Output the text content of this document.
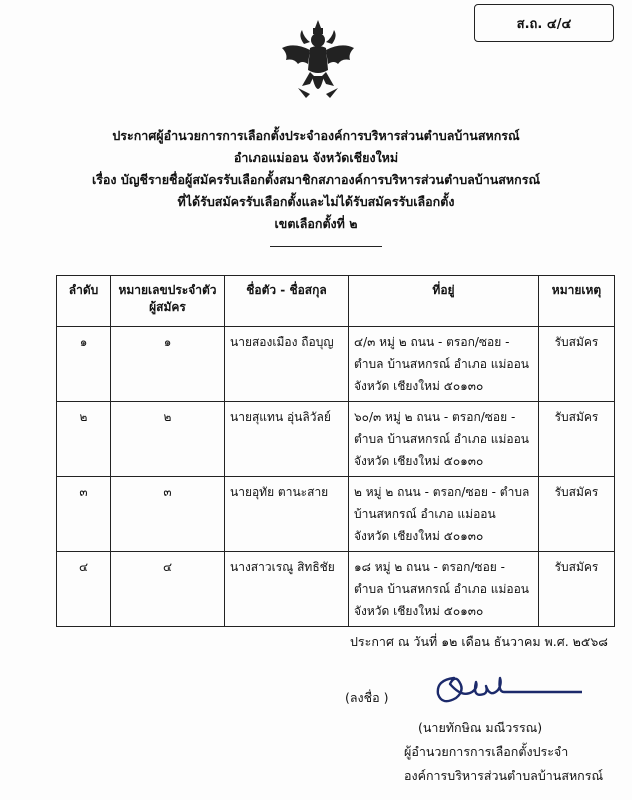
ส.ถ. ๔/๔
ประกาศผู้อำนวยการการเลือกตั้งประจำองค์การบริหารส่วนตำบลบ้านสหกรณ์
อำเภอแม่ออน จังหวัดเชียงใหม่
เรื่อง บัญชีรายชื่อผู้สมัครรับเลือกตั้งสมาชิกสภาองค์การบริหารส่วนตำบลบ้านสหกรณ์
ที่ได้รับสมัครรับเลือกตั้งและไม่ได้รับสมัครรับเลือกตั้ง
เขตเลือกตั้งที่ ๒
ลำดับ	หมายเลขประจำตัว ผู้สมัคร	ชื่อตัว - ชื่อสกุล	ที่อยู่	หมายเหตุ
๑	๑	นายสองเมือง ถือบุญ	๔/๓ หมู่ ๒ ถนน - ตรอก/ซอย - ตำบล บ้านสหกรณ์ อำเภอ แม่ออน จังหวัด เชียงใหม่ ๕๐๑๓๐	รับสมัคร
๒	๒	นายสุแทน อุ่นลิวัลย์	๖๐/๓ หมู่ ๒ ถนน - ตรอก/ซอย - ตำบล บ้านสหกรณ์ อำเภอ แม่ออน จังหวัด เชียงใหม่ ๕๐๑๓๐	รับสมัคร
๓	๓	นายอุทัย ตานะสาย	๒ หมู่ ๒ ถนน - ตรอก/ซอย - ตำบล บ้านสหกรณ์ อำเภอ แม่ออน จังหวัด เชียงใหม่ ๕๐๑๓๐	รับสมัคร
๔	๔	นางสาวเรณู สิทธิชัย	๑๘ หมู่ ๒ ถนน - ตรอก/ซอย - ตำบล บ้านสหกรณ์ อำเภอ แม่ออน จังหวัด เชียงใหม่ ๕๐๑๓๐	รับสมัคร
ประกาศ ณ วันที่ ๑๒ เดือน ธันวาคม พ.ศ. ๒๕๖๘
(ลงชื่อ )
(นายทักษิณ มณีวรรณ)
ผู้อำนวยการการเลือกตั้งประจำ
องค์การบริหารส่วนตำบลบ้านสหกรณ์
